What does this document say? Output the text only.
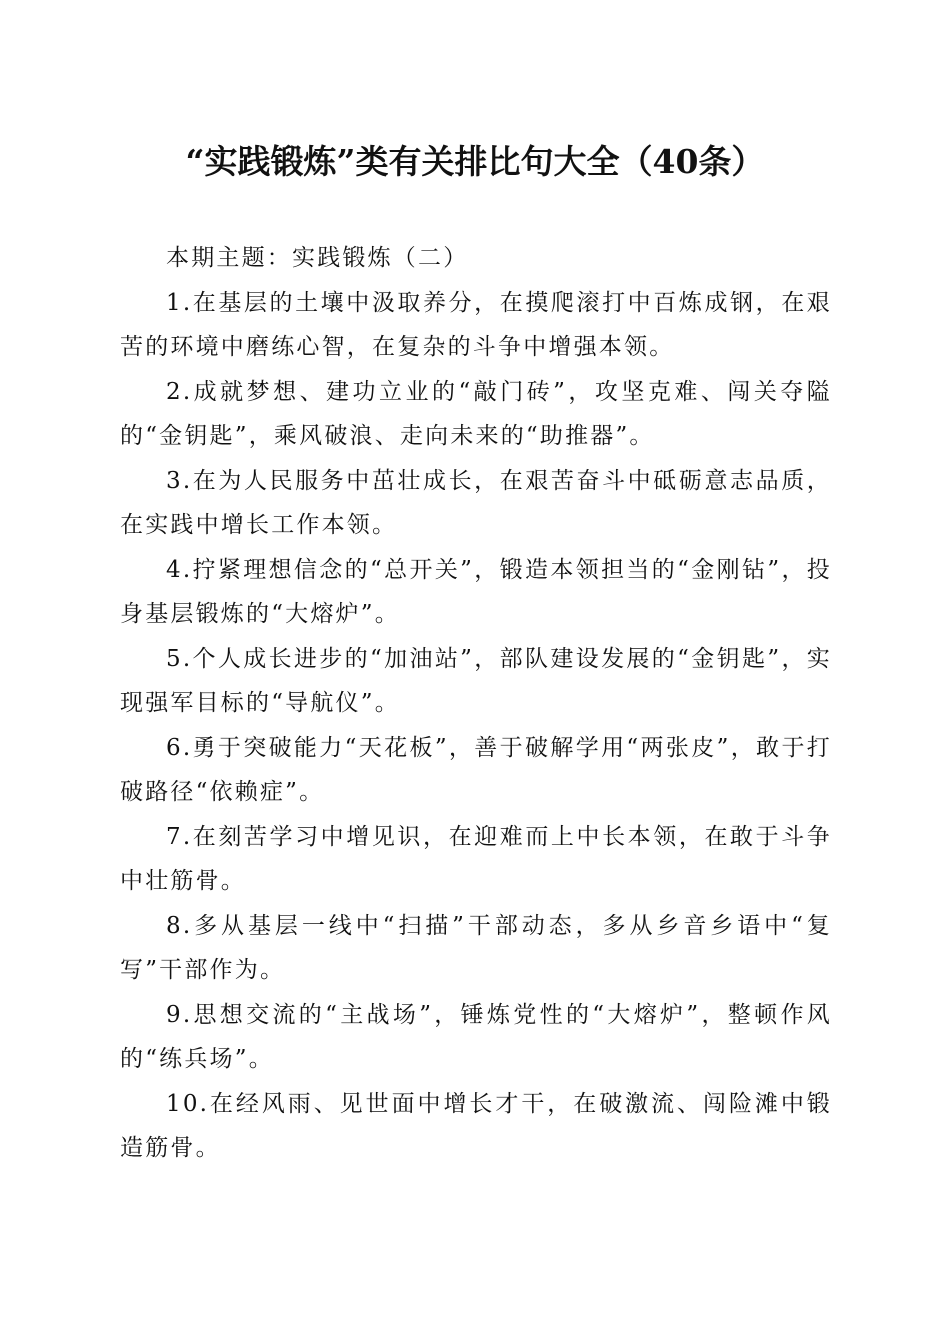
“实践锻炼”类有关排比句大全（40条）

本期主题：实践锻炼（二）

1.在基层的土壤中汲取养分，在摸爬滚打中百炼成钢，在艰苦的环境中磨练心智，在复杂的斗争中增强本领。

2.成就梦想、建功立业的“敲门砖”，攻坚克难、闯关夺隘的“金钥匙”，乘风破浪、走向未来的“助推器”。

3.在为人民服务中茁壮成长，在艰苦奋斗中砥砺意志品质，在实践中增长工作本领。

4.拧紧理想信念的“总开关”，锻造本领担当的“金刚钻”，投身基层锻炼的“大熔炉”。

5.个人成长进步的“加油站”，部队建设发展的“金钥匙”，实现强军目标的“导航仪”。

6.勇于突破能力“天花板”，善于破解学用“两张皮”，敢于打破路径“依赖症”。

7.在刻苦学习中增见识，在迎难而上中长本领，在敢于斗争中壮筋骨。

8.多从基层一线中“扫描”干部动态，多从乡音乡语中“复写”干部作为。

9.思想交流的“主战场”，锤炼党性的“大熔炉”，整顿作风的“练兵场”。

10.在经风雨、见世面中增长才干，在破激流、闯险滩中锻造筋骨。
